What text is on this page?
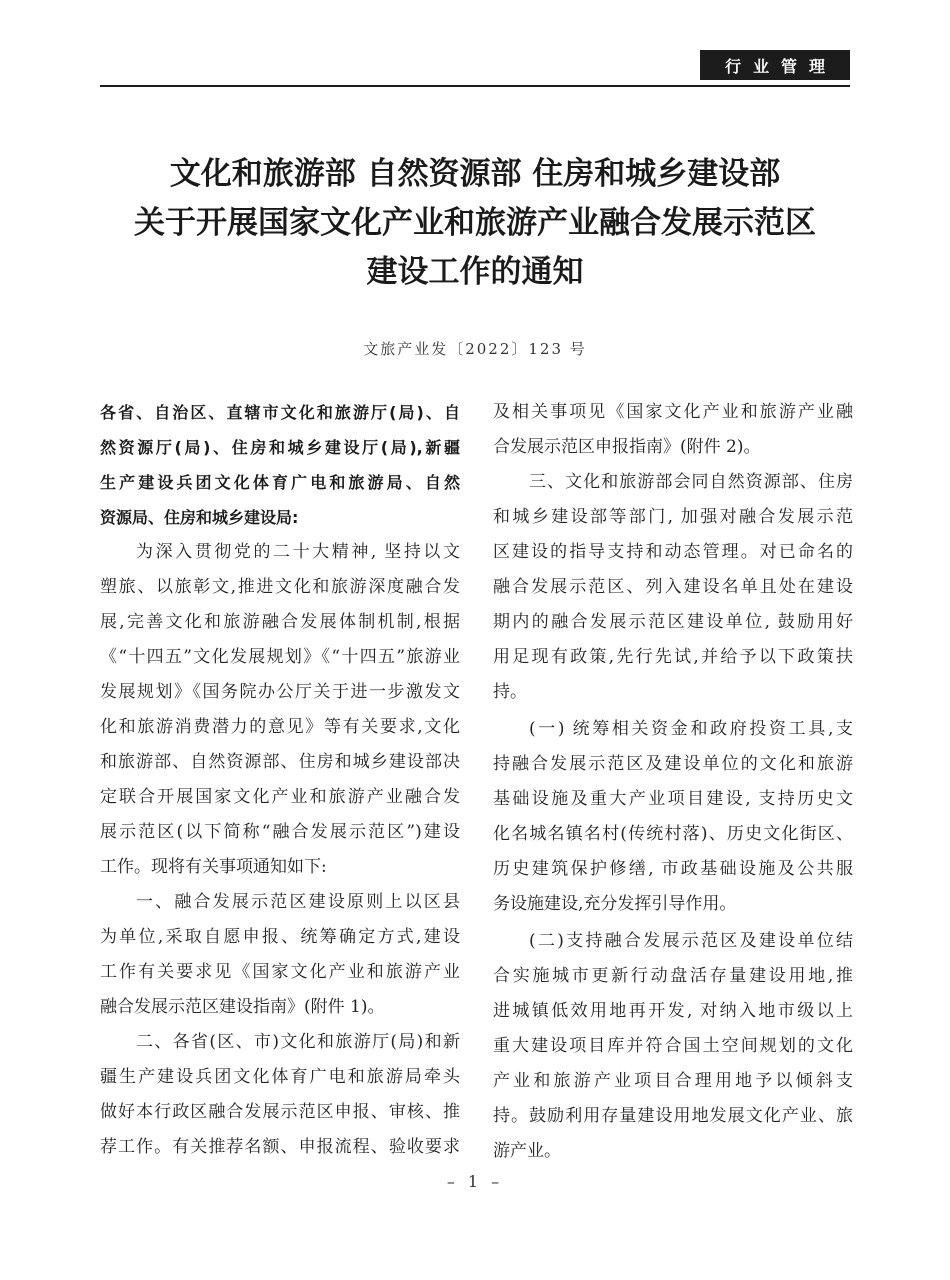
行业管理
文化和旅游部 自然资源部 住房和城乡建设部
关于开展国家文化产业和旅游产业融合发展示范区
建设工作的通知
文旅产业发〔2022〕123 号
各省、自治区、直辖市文化和旅游厅(局)、自
然资源厅(局)、住房和城乡建设厅(局),新疆
生产建设兵团文化体育广电和旅游局、自然
资源局、住房和城乡建设局:
为深入贯彻党的二十大精神, 坚持以文
塑旅、以旅彰文,推进文化和旅游深度融合发
展,完善文化和旅游融合发展体制机制,根据
《“十四五”文化发展规划》《“十四五”旅游业
发展规划》《国务院办公厅关于进一步激发文
化和旅游消费潜力的意见》等有关要求,文化
和旅游部、自然资源部、住房和城乡建设部决
定联合开展国家文化产业和旅游产业融合发
展示范区(以下简称“融合发展示范区”)建设
工作。现将有关事项通知如下:
一、融合发展示范区建设原则上以区县
为单位,采取自愿申报、统筹确定方式,建设
工作有关要求见《国家文化产业和旅游产业
融合发展示范区建设指南》(附件 1)。
二、各省(区、市)文化和旅游厅(局)和新
疆生产建设兵团文化体育广电和旅游局牵头
做好本行政区融合发展示范区申报、审核、推
荐工作。有关推荐名额、申报流程、验收要求
及相关事项见《国家文化产业和旅游产业融
合发展示范区申报指南》(附件 2)。
三、文化和旅游部会同自然资源部、住房
和城乡建设部等部门, 加强对融合发展示范
区建设的指导支持和动态管理。对已命名的
融合发展示范区、列入建设名单且处在建设
期内的融合发展示范区建设单位, 鼓励用好
用足现有政策,先行先试,并给予以下政策扶
持。
(一) 统筹相关资金和政府投资工具,支
持融合发展示范区及建设单位的文化和旅游
基础设施及重大产业项目建设, 支持历史文
化名城名镇名村(传统村落)、历史文化街区、
历史建筑保护修缮, 市政基础设施及公共服
务设施建设,充分发挥引导作用。
(二)支持融合发展示范区及建设单位结
合实施城市更新行动盘活存量建设用地,推
进城镇低效用地再开发, 对纳入地市级以上
重大建设项目库并符合国土空间规划的文化
产业和旅游产业项目合理用地予以倾斜支
持。鼓励利用存量建设用地发展文化产业、旅
游产业。
– 1 –
